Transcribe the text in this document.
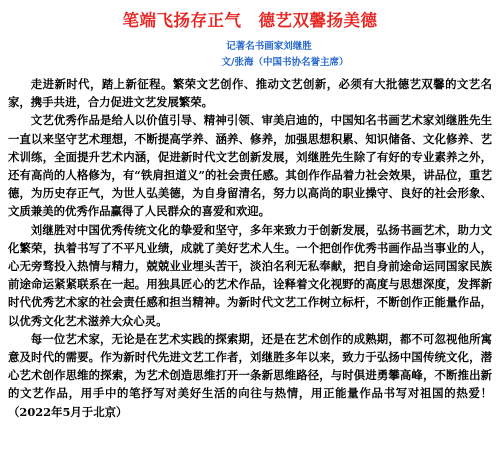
笔端飞扬存正气　德艺双馨扬美德
记著名书画家刘继胜
文/张海（中国书协名誉主席）

走进新时代，踏上新征程。繁荣文艺创作、推动文艺创新，必须有大批德艺双馨的文艺名家，携手共进，合力促进文艺发展繁荣。

文艺优秀作品是给人以价值引导、精神引领、审美启迪的，中国知名书画艺术家刘继胜先生一直以来坚守艺术理想，不断提高学养、涵养、修养，加强思想积累、知识储备、文化修养、艺术训练，全面提升艺术内涵，促进新时代文艺创新发展，刘继胜先生除了有好的专业素养之外，还有高尚的人格修为，有“铁肩担道义”的社会责任感。其创作作品着力社会效果，讲品位，重艺德，为历史存正气，为世人弘美德，为自身留清名，努力以高尚的职业操守、良好的社会形象、文质兼美的优秀作品赢得了人民群众的喜爱和欢迎。

刘继胜对中国优秀传统文化的挚爱和坚守，多年来致力于创新发展，弘扬书画艺术，助力文化繁荣，执着书写了不平凡业绩，成就了美好艺术人生。一个把创作优秀书画作品当事业的人，心无旁骛投入热情与精力，兢兢业业埋头苦干，淡泊名利无私奉献，把自身前途命运同国家民族前途命运紧紧联系在一起。用独具匠心的艺术作品，诠释着文化视野的高度与思想深度，发挥新时代优秀艺术家的社会责任感和担当精神。为新时代文艺工作树立标杆，不断创作正能量作品，以优秀文化艺术滋养大众心灵。

每一位艺术家，无论是在艺术实践的探索期，还是在艺术创作的成熟期，都不可忽视他所寓意及时代的需要。作为新时代先进文艺工作者，刘继胜多年以来，致力于弘扬中国传统文化，潜心艺术创作思维的探索，为艺术创造思维打开一条新思维路径，与时俱进勇攀高峰，不断推出新的文艺作品，用手中的笔抒写对美好生活的向往与热情，用正能量作品书写对祖国的热爱！（2022年5月于北京）
